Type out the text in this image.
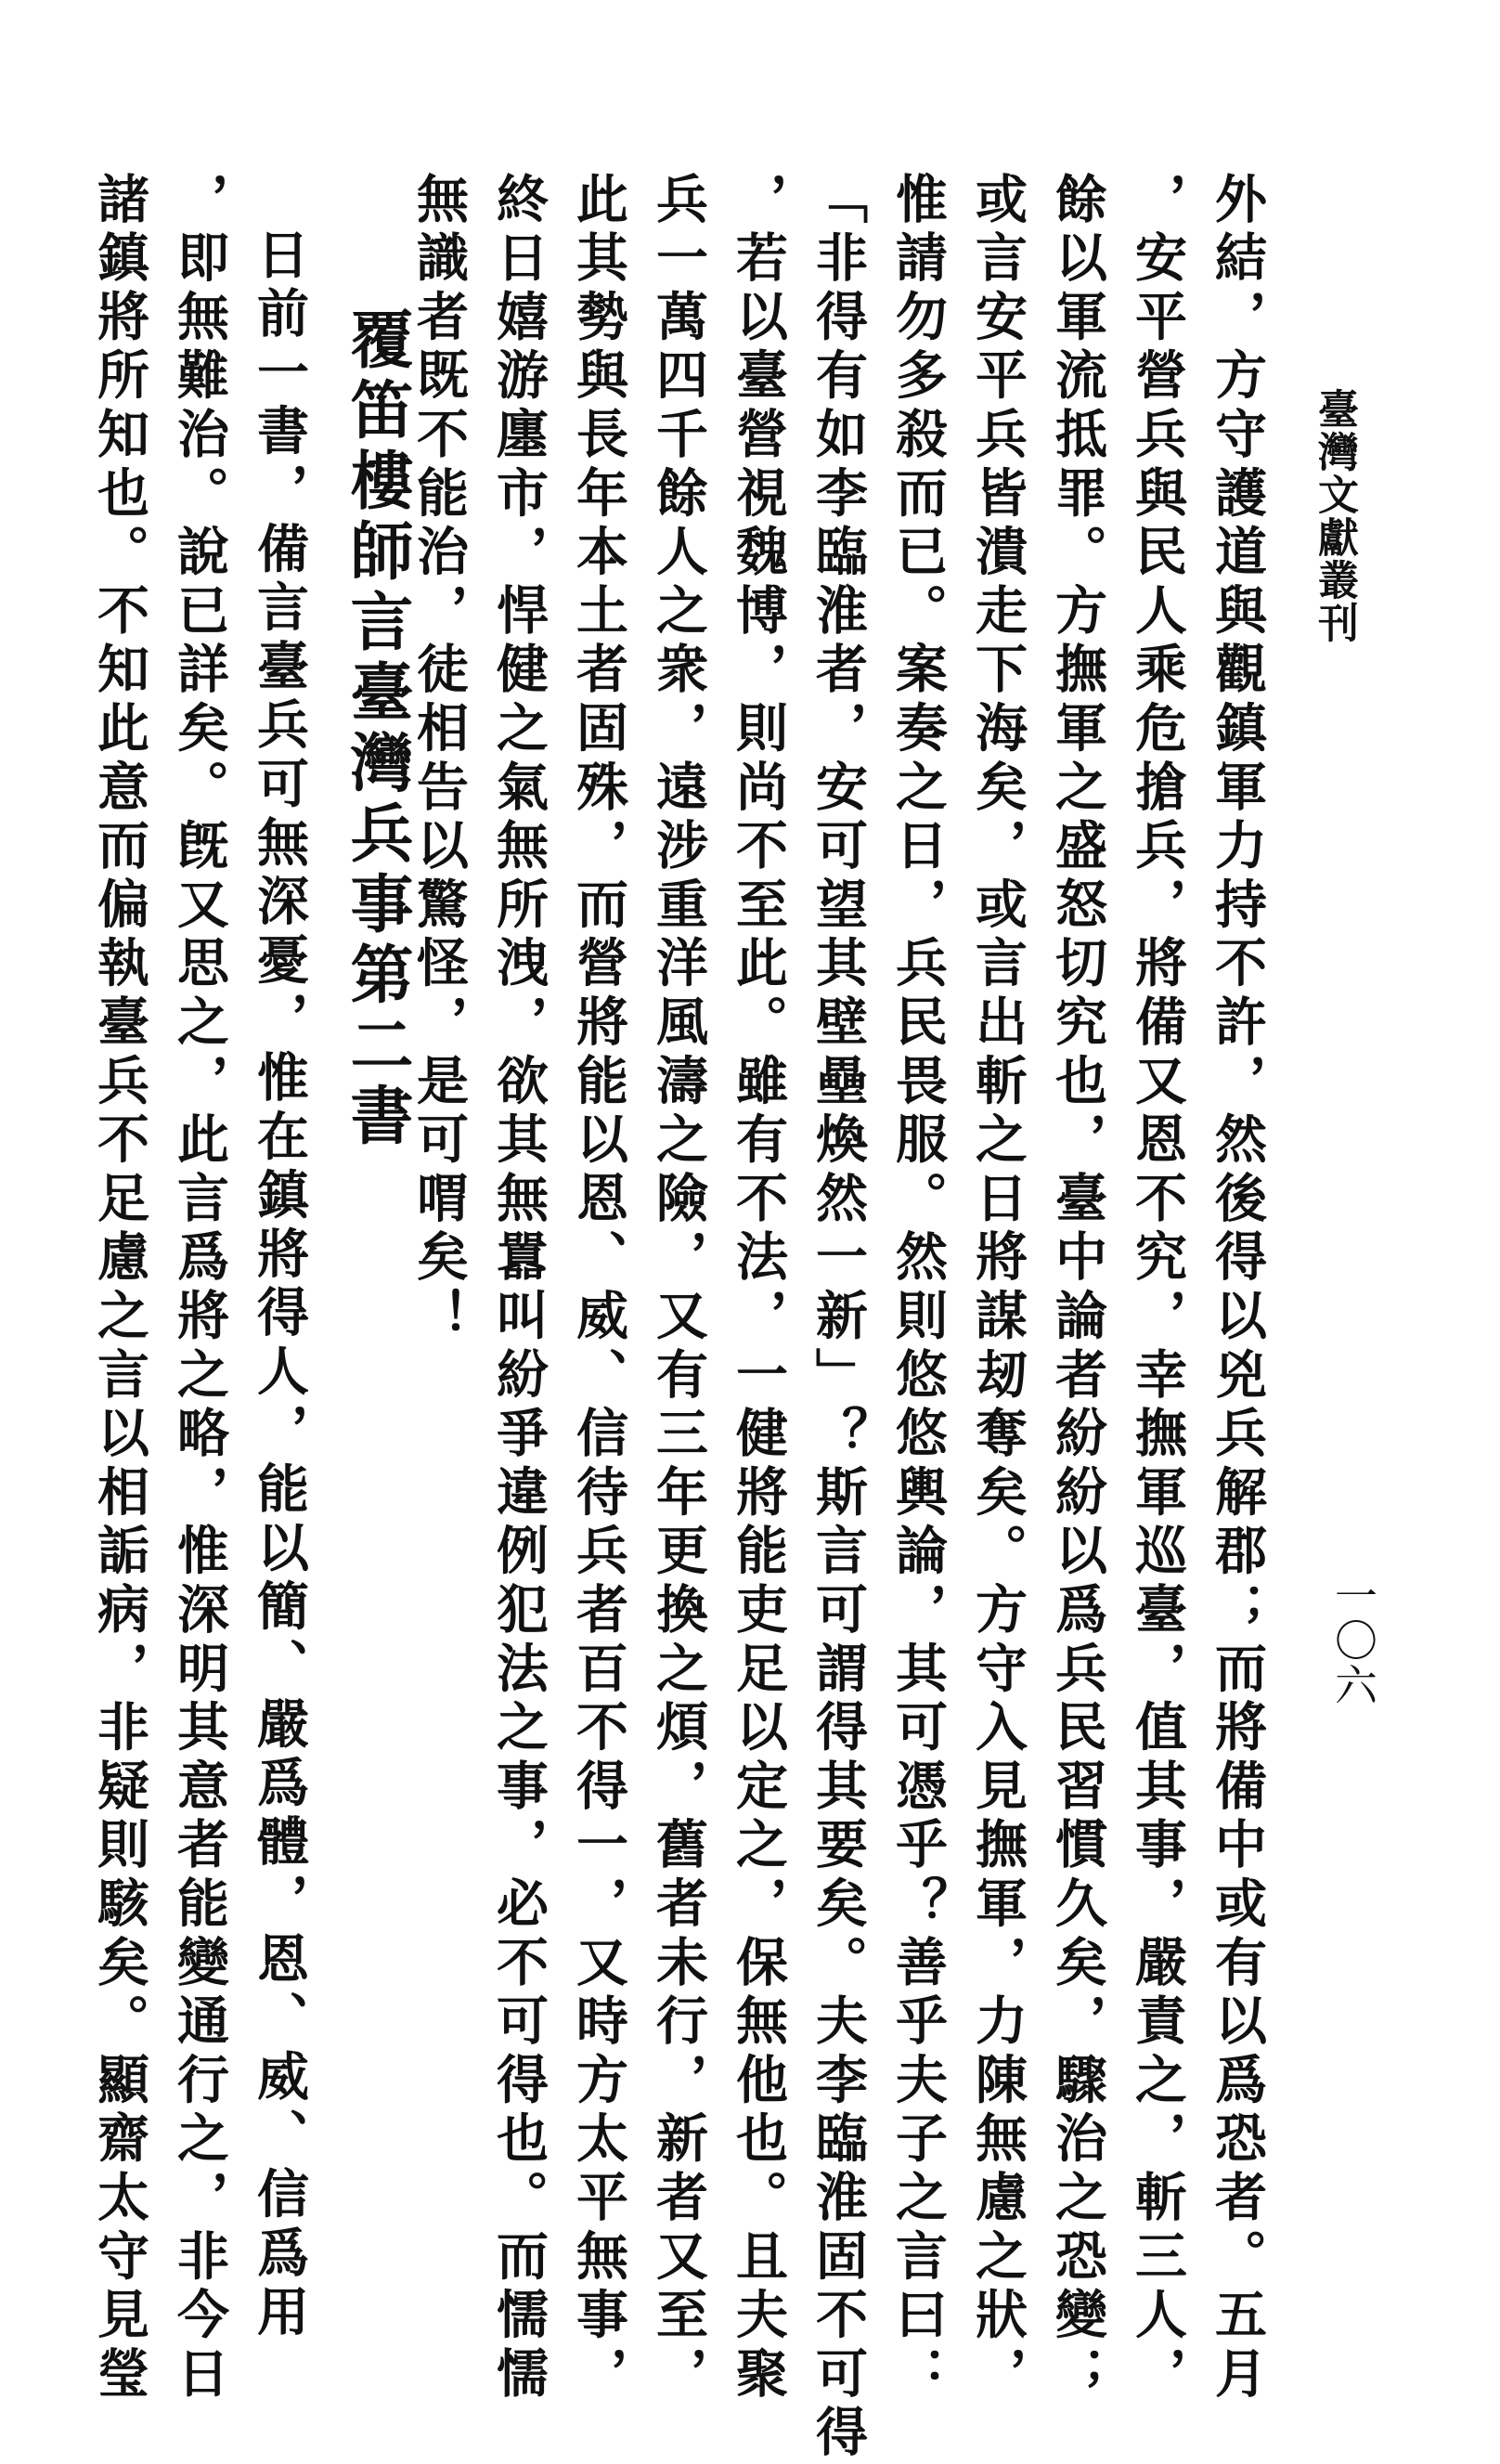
臺灣文獻叢刊
一〇六
外結，方守護道與觀鎮軍力持不許，然後得以兇兵解郡；而將備中或有以爲恐者。五月
，安平營兵與民人乘危搶兵，將備又恩不究，幸撫軍巡臺，值其事，嚴責之，斬三人，
餘以軍流抵罪。方撫軍之盛怒切究也，臺中論者紛紛以爲兵民習慣久矣，驟治之恐變；
或言安平兵皆潰走下海矣，或言出斬之日將謀刼奪矣。方守入見撫軍，力陳無慮之狀，
惟請勿多殺而已。案奏之日，兵民畏服。然則悠悠輿論，其可憑乎？善乎夫子之言曰：
「非得有如李臨淮者，安可望其壁壘煥然一新」？斯言可謂得其要矣。夫李臨淮固不可得
，若以臺營視魏博，則尚不至此。雖有不法，一健將能吏足以定之，保無他也。且夫聚
兵一萬四千餘人之衆，遠涉重洋風濤之險，又有三年更換之煩，舊者未行，新者又至，
此其勢與長年本土者固殊，而營將能以恩、威、信待兵者百不得一，又時方太平無事，
終日嬉游廛市，悍健之氣無所洩，欲其無囂叫紛爭違例犯法之事，必不可得也。而懦懦
無識者既不能治，徒相告以驚怪，是可喟矣！
覆笛樓師言臺灣兵事第二書
日前一書，備言臺兵可無深憂，惟在鎮將得人，能以簡、嚴爲體，恩、威、信爲用
，即無難治。說已詳矣。旣又思之，此言爲將之略，惟深明其意者能變通行之，非今日
諸鎮將所知也。不知此意而偏執臺兵不足慮之言以相詬病，非疑則駭矣。顯齋太守見瑩
